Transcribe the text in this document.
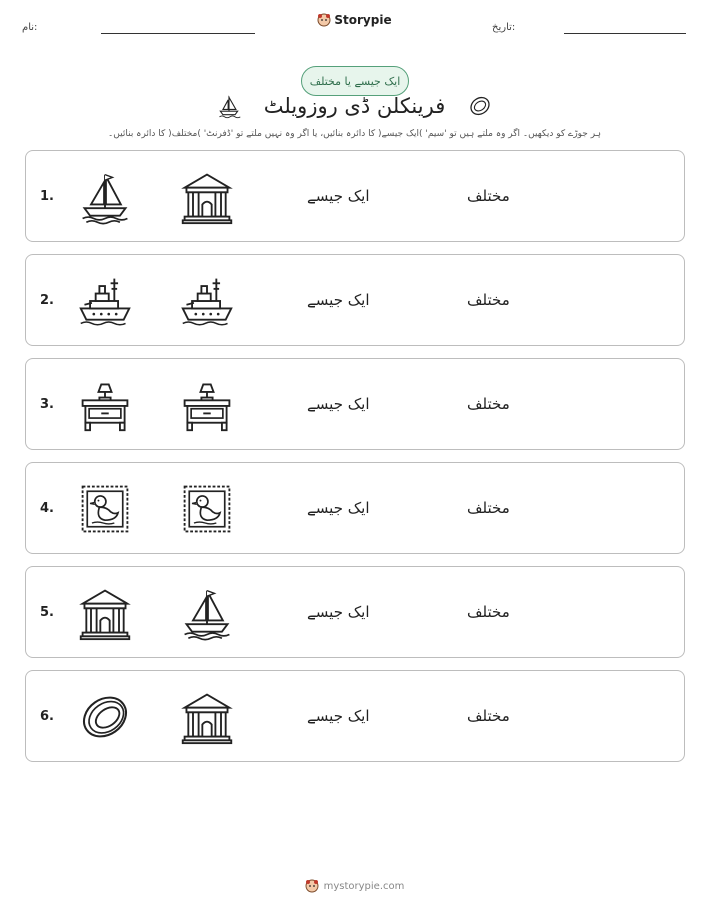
نام:
Storypie
تاریخ:
ایک جیسے یا مختلف
فرینکلن ڈی روزویلٹ
ہر جوڑے کو دیکھیں۔ اگر وہ ملتے ہیں تو 'سیم' )ایک جیسے( کا دائرہ بنائیں، یا اگر وہ نہیں ملتے تو 'ڈفرنٹ' )مختلف( کا دائرہ بنائیں۔
1.	ایک جیسے	مختلف
2.	ایک جیسے	مختلف
3.	ایک جیسے	مختلف
4.	ایک جیسے	مختلف
5.	ایک جیسے	مختلف
6.	ایک جیسے	مختلف
mystorypie.com
